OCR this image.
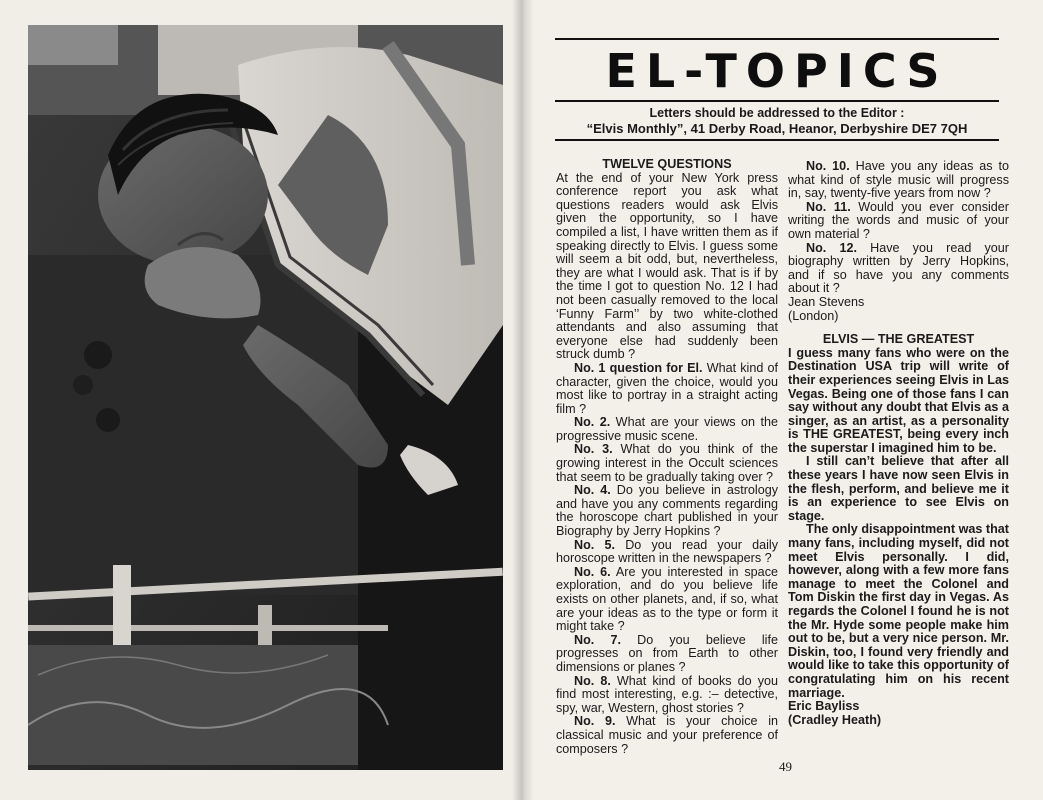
EL-TOPICS
Letters should be addressed to the Editor :
“Elvis Monthly”, 41 Derby Road, Heanor, Derbyshire DE7 7QH

TWELVE QUESTIONS

At the end of your New York press conference report you ask what questions readers would ask Elvis given the opportunity, so I have compiled a list, I have written them as if speaking directly to Elvis. I guess some will seem a bit odd, but, nevertheless, they are what I would ask. That is if by the time I got to question No. 12 I had not been casually removed to the local ‘Funny Farm’’ by two white-clothed attendants and also assuming that everyone else had suddenly been struck dumb ?

No. 1 question for El. What kind of character, given the choice, would you most like to portray in a straight acting film ?

No. 2. What are your views on the progressive music scene.

No. 3. What do you think of the growing interest in the Occult sciences that seem to be gradually taking over ?

No. 4. Do you believe in astrology and have you any comments regarding the horoscope chart published in your Biography by Jerry Hopkins ?

No. 5. Do you read your daily horoscope written in the newspapers ?

No. 6. Are you interested in space exploration, and do you believe life exists on other planets, and, if so, what are your ideas as to the type or form it might take ?

No. 7. Do you believe life progresses on from Earth to other dimensions or planes ?

No. 8. What kind of books do you find most interesting, e.g. :– detective, spy, war, Western, ghost stories ?

No. 9. What is your choice in classical music and your preference of composers ?

No. 10. Have you any ideas as to what kind of style music will progress in, say, twenty-five years from now ?

No. 11. Would you ever consider writing the words and music of your own material ?

No. 12. Have you read your biography written by Jerry Hopkins, and if so have you any comments about it ?

Jean Stevens

(London)

ELVIS — THE GREATEST

I guess many fans who were on the Destination USA trip will write of their experiences seeing Elvis in Las Vegas. Being one of those fans I can say without any doubt that Elvis as a singer, as an artist, as a personality is THE GREATEST, being every inch the superstar I imagined him to be.

I still can’t believe that after all these years I have now seen Elvis in the flesh, perform, and believe me it is an experience to see Elvis on stage.

The only disappointment was that many fans, including myself, did not meet Elvis personally. I did, however, along with a few more fans manage to meet the Colonel and Tom Diskin the first day in Vegas. As regards the Colonel I found he is not the Mr. Hyde some people make him out to be, but a very nice person. Mr. Diskin, too, I found very friendly and would like to take this opportunity of congratulating him on his recent marriage.

Eric Bayliss

(Cradley Heath)

49
